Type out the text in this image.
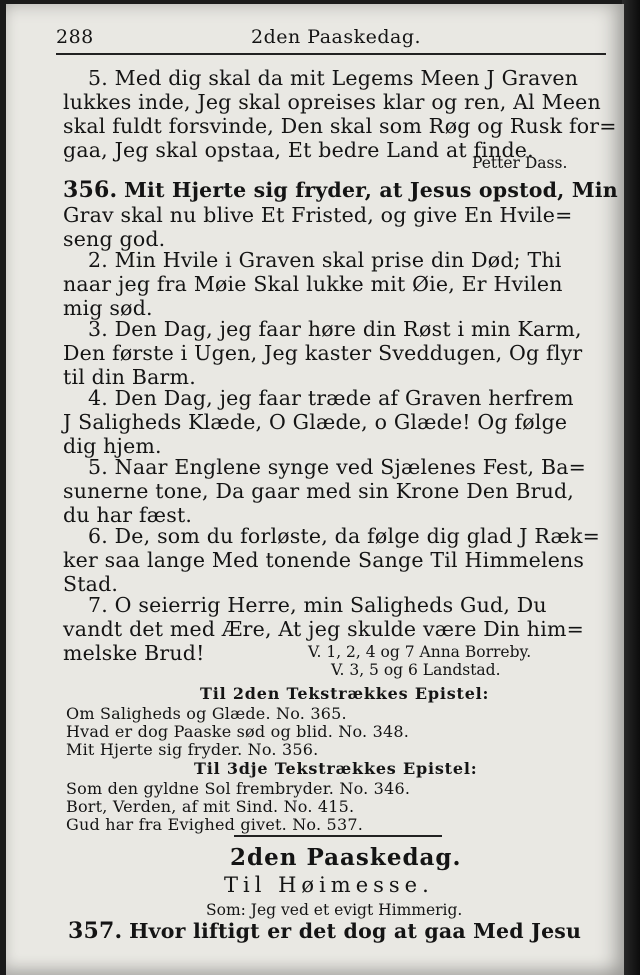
288	2den Paaskedag.
5. Med dig skal da mit Legems Meen J Graven
lukkes inde, Jeg skal opreises klar og ren, Al Meen
skal fuldt forsvinde, Den skal som Røg og Rusk for=
gaa, Jeg skal opstaa, Et bedre Land at finde.
Petter Dass.
356. Mit Hjerte sig fryder, at Jesus opstod, Min
Grav skal nu blive Et Fristed, og give En Hvile=
seng god.
2. Min Hvile i Graven skal prise din Død; Thi
naar jeg fra Møie Skal lukke mit Øie, Er Hvilen
mig sød.
3. Den Dag, jeg faar høre din Røst i min Karm,
Den første i Ugen, Jeg kaster Sveddugen, Og flyr
til din Barm.
4. Den Dag, jeg faar træde af Graven herfrem
J Saligheds Klæde, O Glæde, o Glæde! Og følge
dig hjem.
5. Naar Englene synge ved Sjælenes Fest, Ba=
sunerne tone, Da gaar med sin Krone Den Brud,
du har fæst.
6. De, som du forløste, da følge dig glad J Ræk=
ker saa lange Med tonende Sange Til Himmelens
Stad.
7. O seierrig Herre, min Saligheds Gud, Du
vandt det med Ære, At jeg skulde være Din him=
melske Brud!	V. 1, 2, 4 og 7 Anna Borreby.
V. 3, 5 og 6 Landstad.
Til 2den Tekstrækkes Epistel:
Om Saligheds og Glæde. No. 365.
Hvad er dog Paaske sød og blid. No. 348.
Mit Hjerte sig fryder. No. 356.
Til 3dje Tekstrækkes Epistel:
Som den gyldne Sol frembryder. No. 346.
Bort, Verden, af mit Sind. No. 415.
Gud har fra Evighed givet. No. 537.
2den Paaskedag.
Til Høimesse.
Som: Jeg ved et evigt Himmerig.
357. Hvor liftigt er det dog at gaa Med Jesu
